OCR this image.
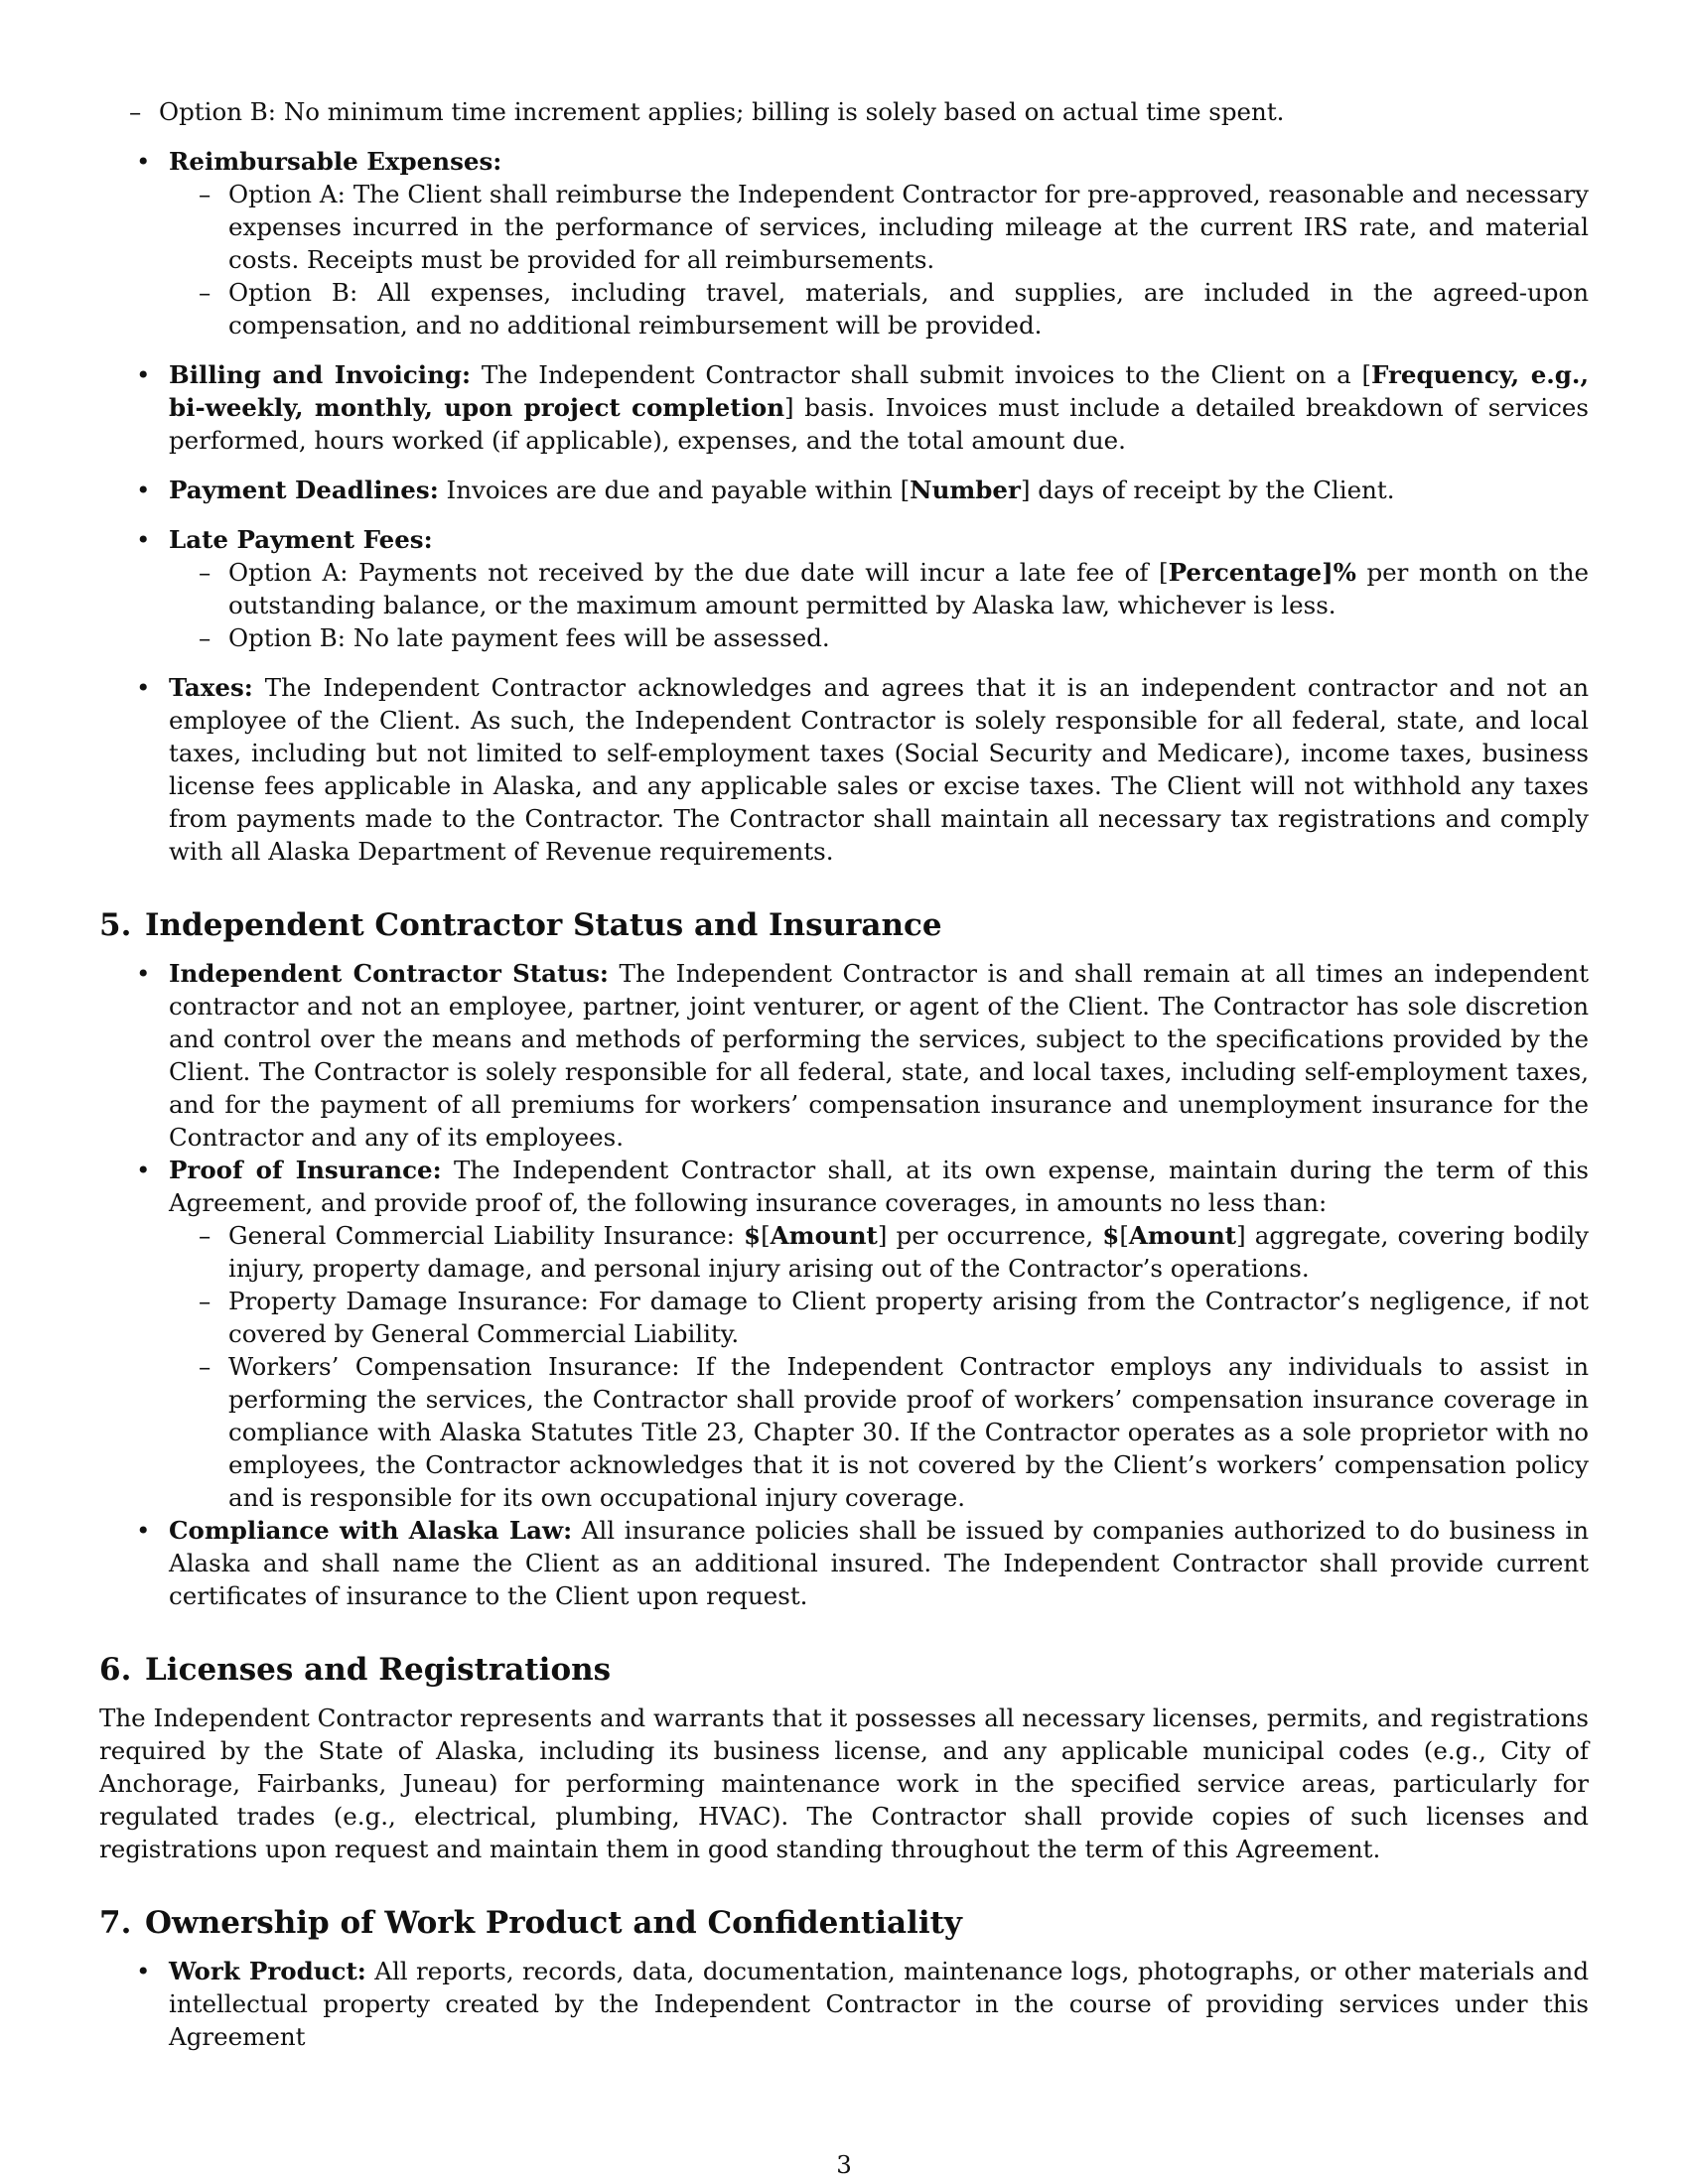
– Option B: No minimum time increment applies; billing is solely based on actual time spent.
• Reimbursable Expenses:
– Option A: The Client shall reimburse the Independent Contractor for pre-approved, reasonable and necessary expenses incurred in the performance of services, including mileage at the current IRS rate, and material costs. Receipts must be provided for all reimbursements.
– Option B: All expenses, including travel, materials, and supplies, are included in the agreed-upon compensation, and no additional reimbursement will be provided.
• Billing and Invoicing: The Independent Contractor shall submit invoices to the Client on a [Frequency, e.g., bi-weekly, monthly, upon project completion] basis. Invoices must include a detailed breakdown of services performed, hours worked (if applicable), expenses, and the total amount due.
• Payment Deadlines: Invoices are due and payable within [Number] days of receipt by the Client.
• Late Payment Fees:
– Option A: Payments not received by the due date will incur a late fee of [Percentage]% per month on the outstanding balance, or the maximum amount permitted by Alaska law, whichever is less.
– Option B: No late payment fees will be assessed.
• Taxes: The Independent Contractor acknowledges and agrees that it is an independent contractor and not an employee of the Client. As such, the Independent Contractor is solely responsible for all federal, state, and local taxes, including but not limited to self-employment taxes (Social Security and Medicare), income taxes, business license fees applicable in Alaska, and any applicable sales or excise taxes. The Client will not withhold any taxes from payments made to the Contractor. The Contractor shall maintain all necessary tax registrations and comply with all Alaska Department of Revenue requirements.
5. Independent Contractor Status and Insurance
• Independent Contractor Status: The Independent Contractor is and shall remain at all times an independent contractor and not an employee, partner, joint venturer, or agent of the Client. The Contractor has sole discretion and control over the means and methods of performing the services, subject to the specifications provided by the Client. The Contractor is solely responsible for all federal, state, and local taxes, including self-employment taxes, and for the payment of all premiums for workers’ compensation insurance and unemployment insurance for the Contractor and any of its employees.
• Proof of Insurance: The Independent Contractor shall, at its own expense, maintain during the term of this Agreement, and provide proof of, the following insurance coverages, in amounts no less than:
– General Commercial Liability Insurance: $[Amount] per occurrence, $[Amount] aggregate, covering bodily injury, property damage, and personal injury arising out of the Contractor’s operations.
– Property Damage Insurance: For damage to Client property arising from the Contractor’s negligence, if not covered by General Commercial Liability.
– Workers’ Compensation Insurance: If the Independent Contractor employs any individuals to assist in performing the services, the Contractor shall provide proof of workers’ compensation insurance coverage in compliance with Alaska Statutes Title 23, Chapter 30. If the Contractor operates as a sole proprietor with no employees, the Contractor acknowledges that it is not covered by the Client’s workers’ compensation policy and is responsible for its own occupational injury coverage.
• Compliance with Alaska Law: All insurance policies shall be issued by companies authorized to do business in Alaska and shall name the Client as an additional insured. The Independent Contractor shall provide current certificates of insurance to the Client upon request.
6. Licenses and Registrations

The Independent Contractor represents and warrants that it possesses all necessary licenses, permits, and registrations required by the State of Alaska, including its business license, and any applicable municipal codes (e.g., City of Anchorage, Fairbanks, Juneau) for performing maintenance work in the specified service areas, particularly for regulated trades (e.g., electrical, plumbing, HVAC). The Contractor shall provide copies of such licenses and registrations upon request and maintain them in good standing throughout the term of this Agreement.

7. Ownership of Work Product and Confidentiality
• Work Product: All reports, records, data, documentation, maintenance logs, photographs, or other materials and intellectual property created by the Independent Contractor in the course of providing services under this Agreement
3
